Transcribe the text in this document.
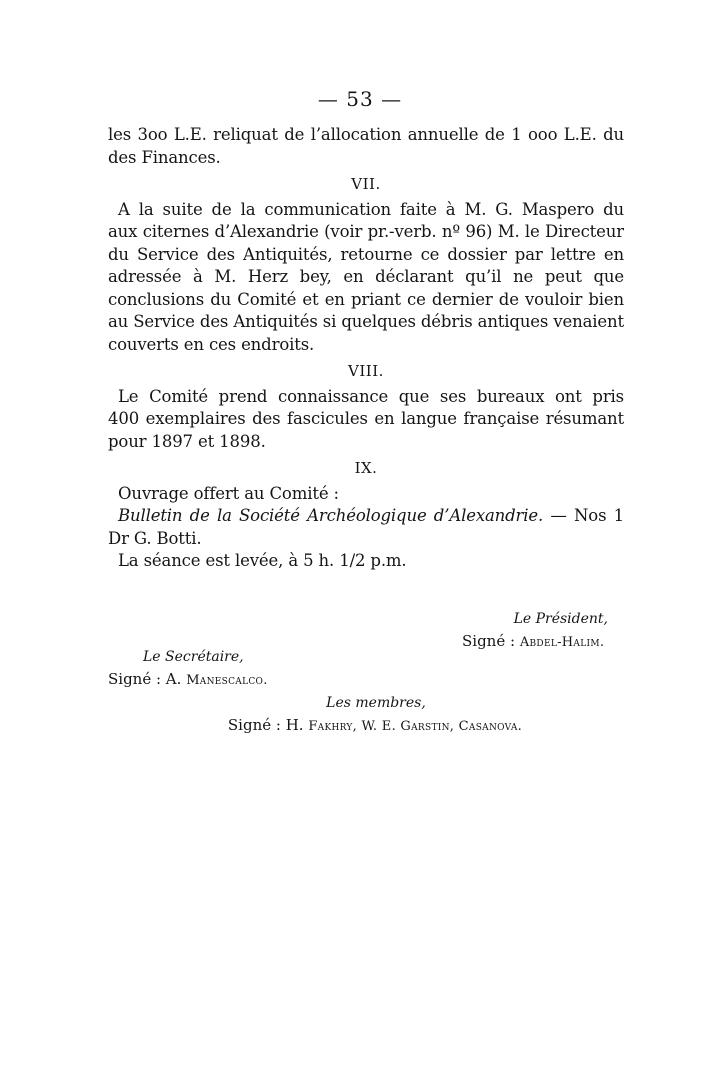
— 53 —
les 3oo L.E. reliquat de l’allocation annuelle de 1 ooo L.E. du
des Finances.
VII.
A la suite de la communication faite à M. G. Maspero du
aux citernes d’Alexandrie (voir pr.-verb. nº 96) M. le Directeur
du Service des Antiquités, retourne ce dossier par lettre en
adressée à M. Herz bey, en déclarant qu’il ne peut que
conclusions du Comité et en priant ce dernier de vouloir bien
au Service des Antiquités si quelques débris antiques venaient
couverts en ces endroits.
VIII.
Le Comité prend connaissance que ses bureaux ont pris
400 exemplaires des fascicules en langue française résumant
pour 1897 et 1898.
IX.
Ouvrage offert au Comité :
Bulletin de la Société Archéologique d’Alexandrie. — Nos 1
Dr G. Botti.
La séance est levée, à 5 h. 1/2 p.m.
Le Président,
Signé : Abdel-Halim.
Le Secrétaire,
Signé : A. Manescalco.
Les membres,
Signé : H. Fakhry, W. E. Garstin, Casanova.
